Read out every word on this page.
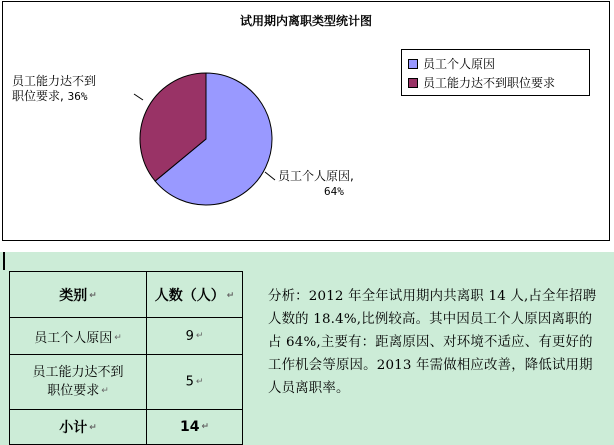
试用期内离职类型统计图
员工能力达不到
职位要求, 36%
员工个人原因,
64%
员工个人原因
员工能力达不到职位要求
类别 ↵	人数（人） ↵
员工个人原因 ↵	9 ↵
员工能力达不到
职位要求 ↵	5 ↵
小计 ↵	14 ↵
分析：2012 年全年试用期内共离职 14 人,占全年招聘人数的 18.4%,比例较高。其中因员工个人原因离职的占 64%,主要有：距离原因、对环境不适应、有更好的工作机会等原因。2013 年需做相应改善，降低试用期人员离职率。
